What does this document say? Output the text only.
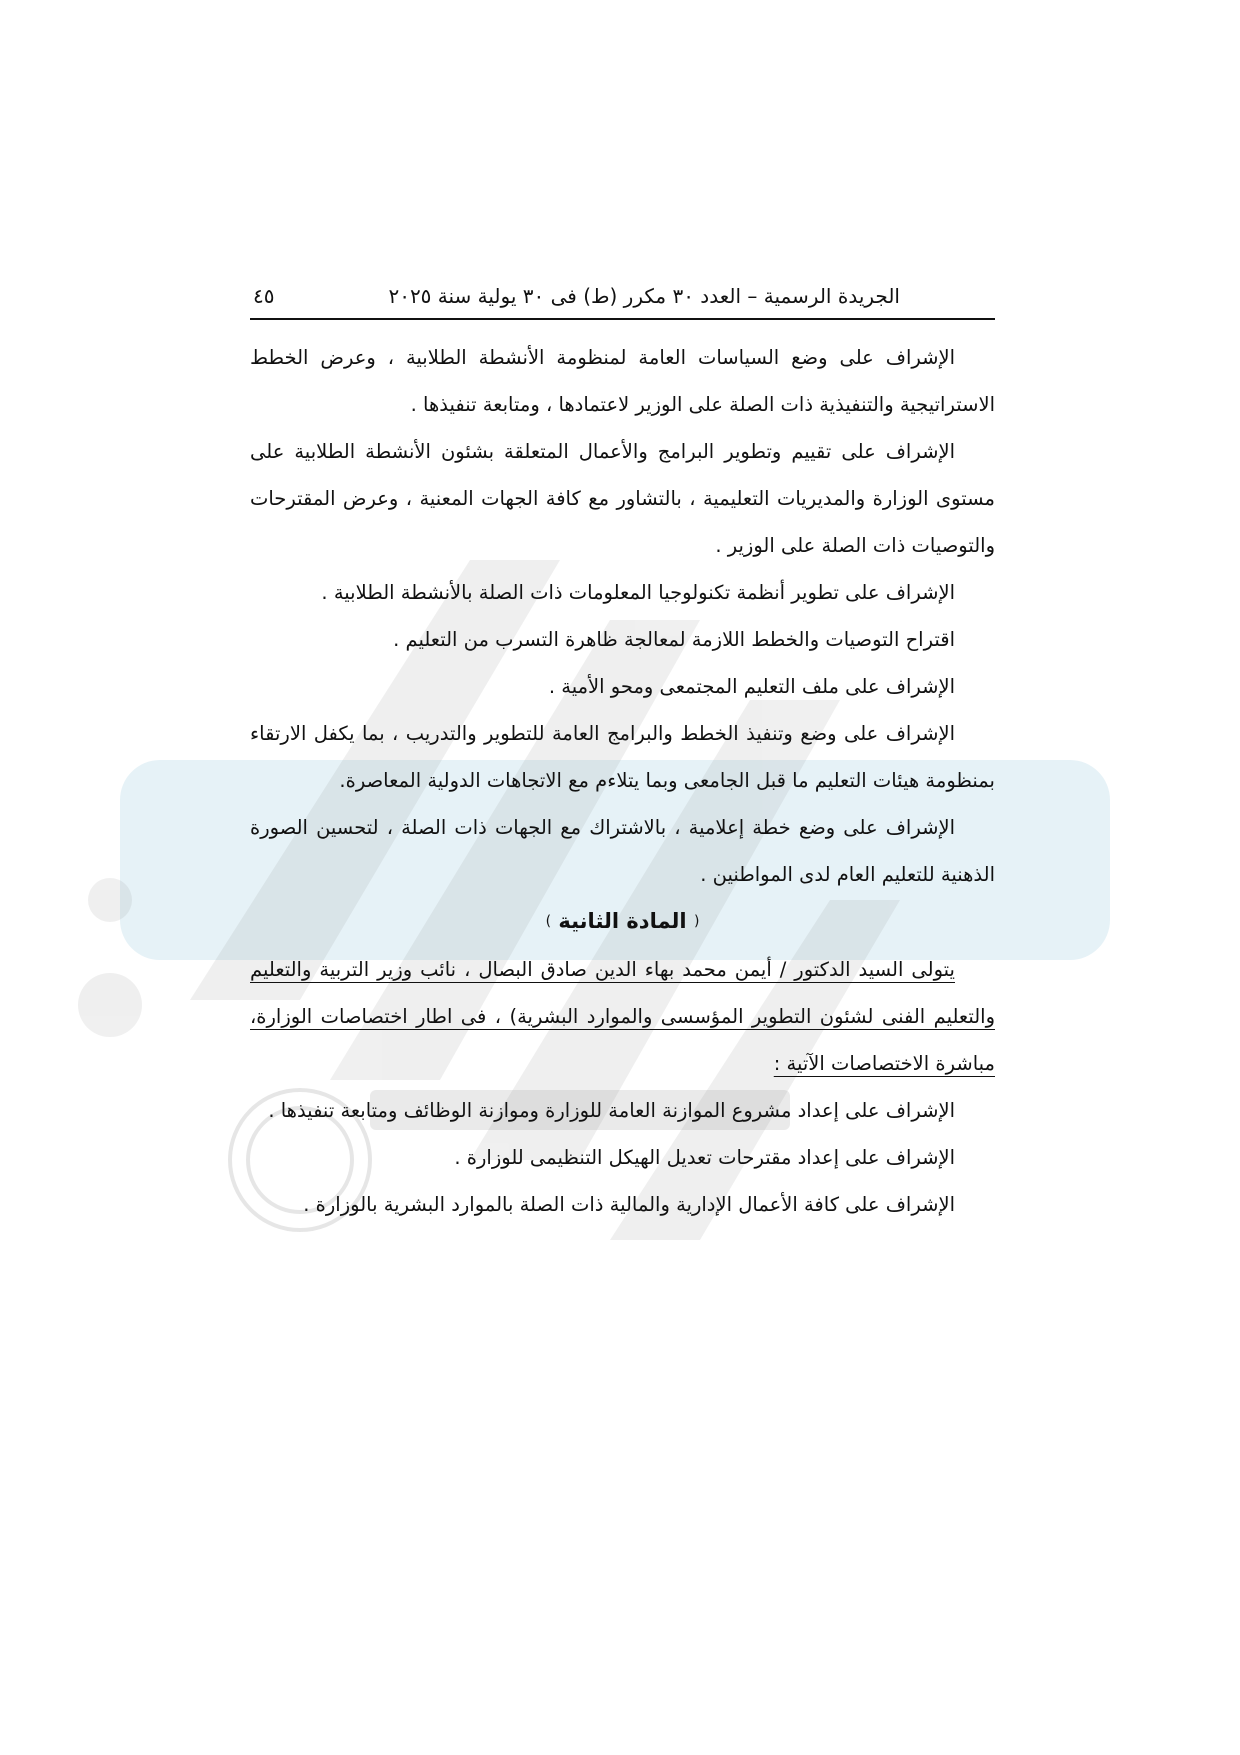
الجريدة الرسمية – العدد ٣٠ مكرر (ط) فى ٣٠ يولية سنة ٢٠٢٥
٤٥

الإشراف على وضع السياسات العامة لمنظومة الأنشطة الطلابية ، وعرض الخطط الاستراتيجية والتنفيذية ذات الصلة على الوزير لاعتمادها ، ومتابعة تنفيذها .

الإشراف على تقييم وتطوير البرامج والأعمال المتعلقة بشئون الأنشطة الطلابية على مستوى الوزارة والمديريات التعليمية ، بالتشاور مع كافة الجهات المعنية ، وعرض المقترحات والتوصيات ذات الصلة على الوزير .

الإشراف على تطوير أنظمة تكنولوجيا المعلومات ذات الصلة بالأنشطة الطلابية .

اقتراح التوصيات والخطط اللازمة لمعالجة ظاهرة التسرب من التعليم .

الإشراف على ملف التعليم المجتمعى ومحو الأمية .

الإشراف على وضع وتنفيذ الخطط والبرامج العامة للتطوير والتدريب ، بما يكفل الارتقاء بمنظومة هيئات التعليم ما قبل الجامعى وبما يتلاءم مع الاتجاهات الدولية المعاصرة.

الإشراف على وضع خطة إعلامية ، بالاشتراك مع الجهات ذات الصلة ، لتحسين الصورة الذهنية للتعليم العام لدى المواطنين .

( المادة الثانية )

يتولى السيد الدكتور / أيمن محمد بهاء الدين صادق البصال ، نائب وزير التربية والتعليم والتعليم الفنى لشئون التطوير المؤسسى والموارد البشرية) ، فى اطار اختصاصات الوزارة، مباشرة الاختصاصات الآتية :

الإشراف على إعداد مشروع الموازنة العامة للوزارة وموازنة الوظائف ومتابعة تنفيذها .

الإشراف على إعداد مقترحات تعديل الهيكل التنظيمى للوزارة .

الإشراف على كافة الأعمال الإدارية والمالية ذات الصلة بالموارد البشرية بالوزارة .
